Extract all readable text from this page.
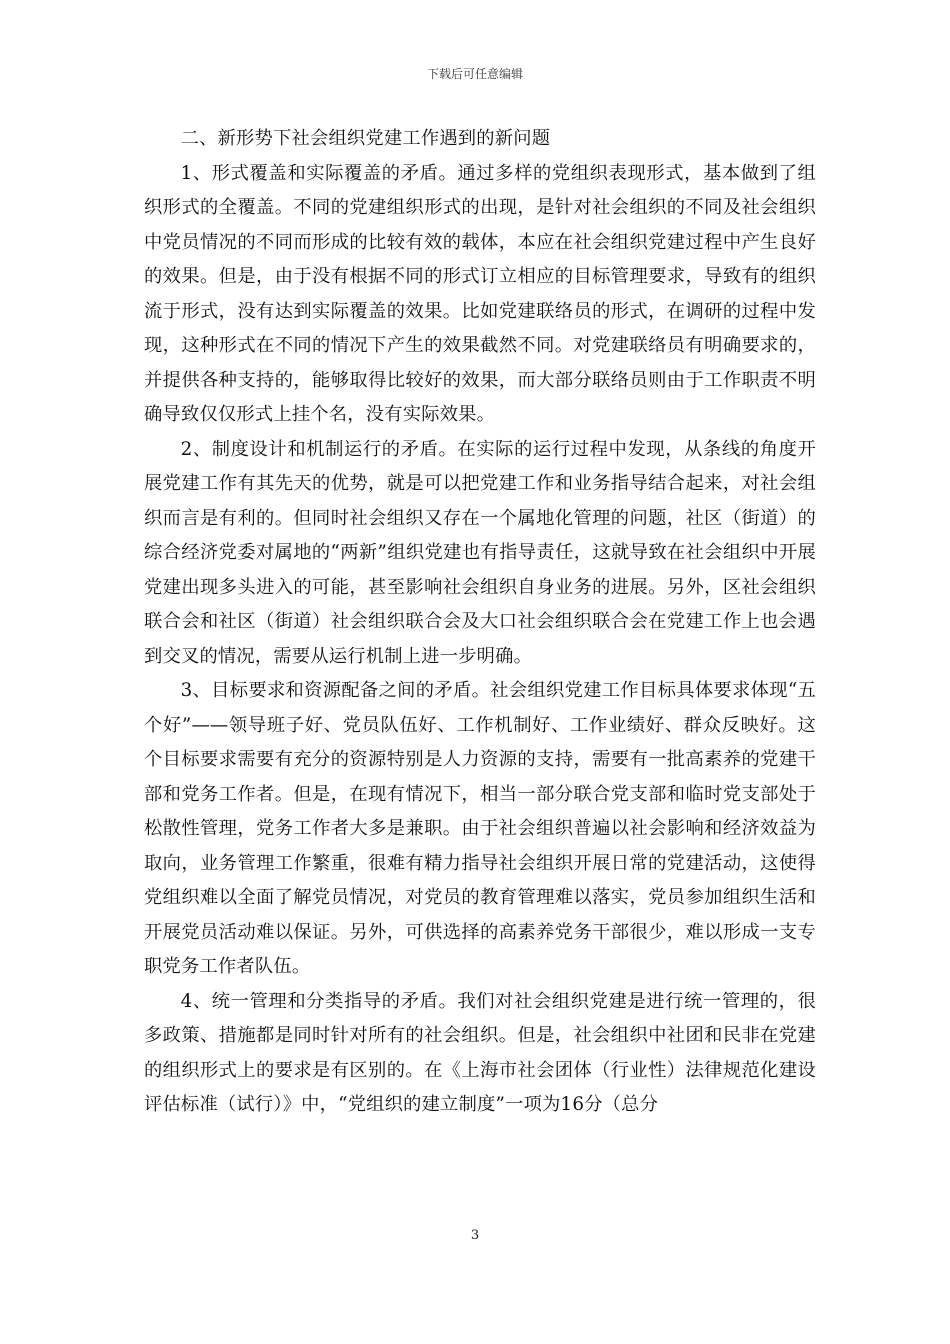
下载后可任意编辑

二、新形势下社会组织党建工作遇到的新问题

1、形式覆盖和实际覆盖的矛盾。通过多样的党组织表现形式，基本做到了组织形式的全覆盖。不同的党建组织形式的出现，是针对社会组织的不同及社会组织中党员情况的不同而形成的比较有效的载体，本应在社会组织党建过程中产生良好的效果。但是，由于没有根据不同的形式订立相应的目标管理要求，导致有的组织流于形式，没有达到实际覆盖的效果。比如党建联络员的形式，在调研的过程中发现，这种形式在不同的情况下产生的效果截然不同。对党建联络员有明确要求的，并提供各种支持的，能够取得比较好的效果，而大部分联络员则由于工作职责不明确导致仅仅形式上挂个名，没有实际效果。

2、制度设计和机制运行的矛盾。在实际的运行过程中发现，从条线的角度开展党建工作有其先天的优势，就是可以把党建工作和业务指导结合起来，对社会组织而言是有利的。但同时社会组织又存在一个属地化管理的问题，社区（街道）的综合经济党委对属地的“两新”组织党建也有指导责任，这就导致在社会组织中开展党建出现多头进入的可能，甚至影响社会组织自身业务的进展。另外，区社会组织联合会和社区（街道）社会组织联合会及大口社会组织联合会在党建工作上也会遇到交叉的情况，需要从运行机制上进一步明确。

3、目标要求和资源配备之间的矛盾。社会组织党建工作目标具体要求体现“五个好”——领导班子好、党员队伍好、工作机制好、工作业绩好、群众反映好。这个目标要求需要有充分的资源特别是人力资源的支持，需要有一批高素养的党建干部和党务工作者。但是，在现有情况下，相当一部分联合党支部和临时党支部处于松散性管理，党务工作者大多是兼职。由于社会组织普遍以社会影响和经济效益为取向，业务管理工作繁重，很难有精力指导社会组织开展日常的党建活动，这使得党组织难以全面了解党员情况，对党员的教育管理难以落实，党员参加组织生活和开展党员活动难以保证。另外，可供选择的高素养党务干部很少，难以形成一支专职党务工作者队伍。

4、统一管理和分类指导的矛盾。我们对社会组织党建是进行统一管理的，很多政策、措施都是同时针对所有的社会组织。但是，社会组织中社团和民非在党建的组织形式上的要求是有区别的。在《上海市社会团体（行业性）法律规范化建设评估标准（试行）》中，“党组织的建立制度”一项为16分（总分

3
